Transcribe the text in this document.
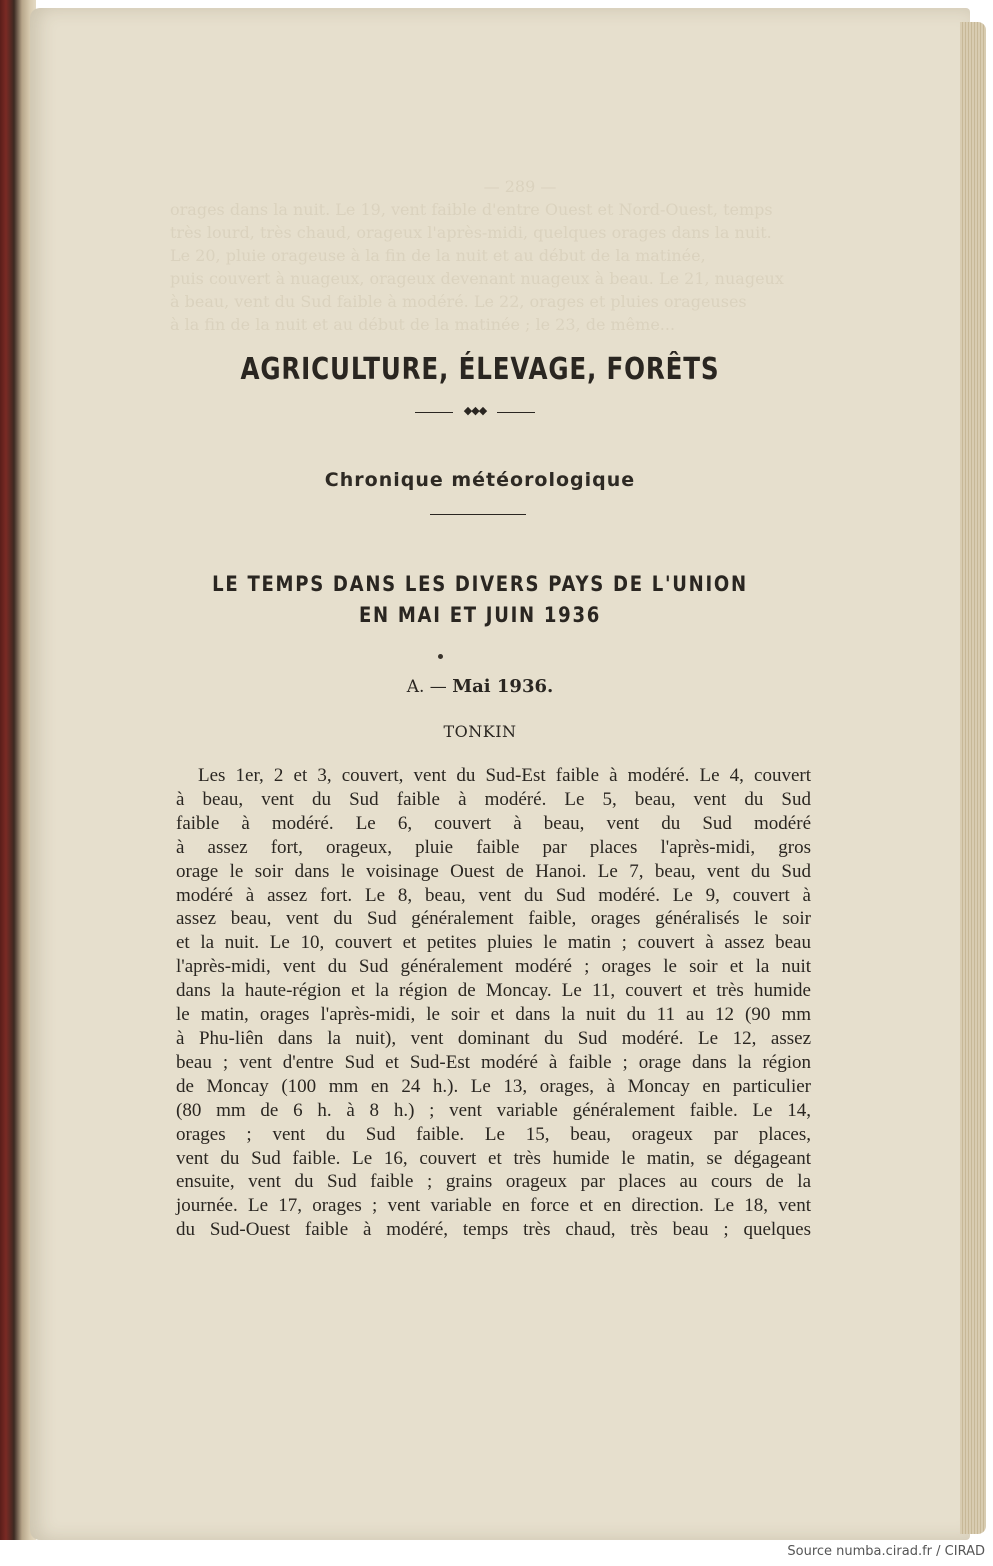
— 289 —
orages dans la nuit. Le 19, vent faible d'entre Ouest et Nord-Ouest, temps
très lourd, très chaud, orageux l'après-midi, quelques orages dans la nuit.
Le 20, pluie orageuse à la fin de la nuit et au début de la matinée,
puis couvert à nuageux, orageux devenant nuageux à beau. Le 21, nuageux
à beau, vent du Sud faible à modéré. Le 22, orages et pluies orageuses
à la fin de la nuit et au début de la matinée ; le 23, de même...
AGRICULTURE, ÉLEVAGE, FORÊTS
◆◆◆
Chronique météorologique
LE TEMPS DANS LES DIVERS PAYS DE L'UNION
EN MAI ET JUIN 1936
A. — Mai 1936.
TONKIN
Les 1er, 2 et 3, couvert, vent du Sud-Est faible à modéré. Le 4, couvert
à beau, vent du Sud faible à modéré. Le 5, beau, vent du Sud
faible à modéré. Le 6, couvert à beau, vent du Sud modéré
à assez fort, orageux, pluie faible par places l'après-midi, gros
orage le soir dans le voisinage Ouest de Hanoi. Le 7, beau, vent du Sud
modéré à assez fort. Le 8, beau, vent du Sud modéré. Le 9, couvert à
assez beau, vent du Sud généralement faible, orages généralisés le soir
et la nuit. Le 10, couvert et petites pluies le matin ; couvert à assez beau
l'après-midi, vent du Sud généralement modéré ; orages le soir et la nuit
dans la haute-région et la région de Moncay. Le 11, couvert et très humide
le matin, orages l'après-midi, le soir et dans la nuit du 11 au 12 (90 mm
à Phu-liên dans la nuit), vent dominant du Sud modéré. Le 12, assez
beau ; vent d'entre Sud et Sud-Est modéré à faible ; orage dans la région
de Moncay (100 mm en 24 h.). Le 13, orages, à Moncay en particulier
(80 mm de 6 h. à 8 h.) ; vent variable généralement faible. Le 14,
orages ; vent du Sud faible. Le 15, beau, orageux par places,
vent du Sud faible. Le 16, couvert et très humide le matin, se dégageant
ensuite, vent du Sud faible ; grains orageux par places au cours de la
journée. Le 17, orages ; vent variable en force et en direction. Le 18, vent
du Sud-Ouest faible à modéré, temps très chaud, très beau ; quelques
Source numba.cirad.fr / CIRAD
